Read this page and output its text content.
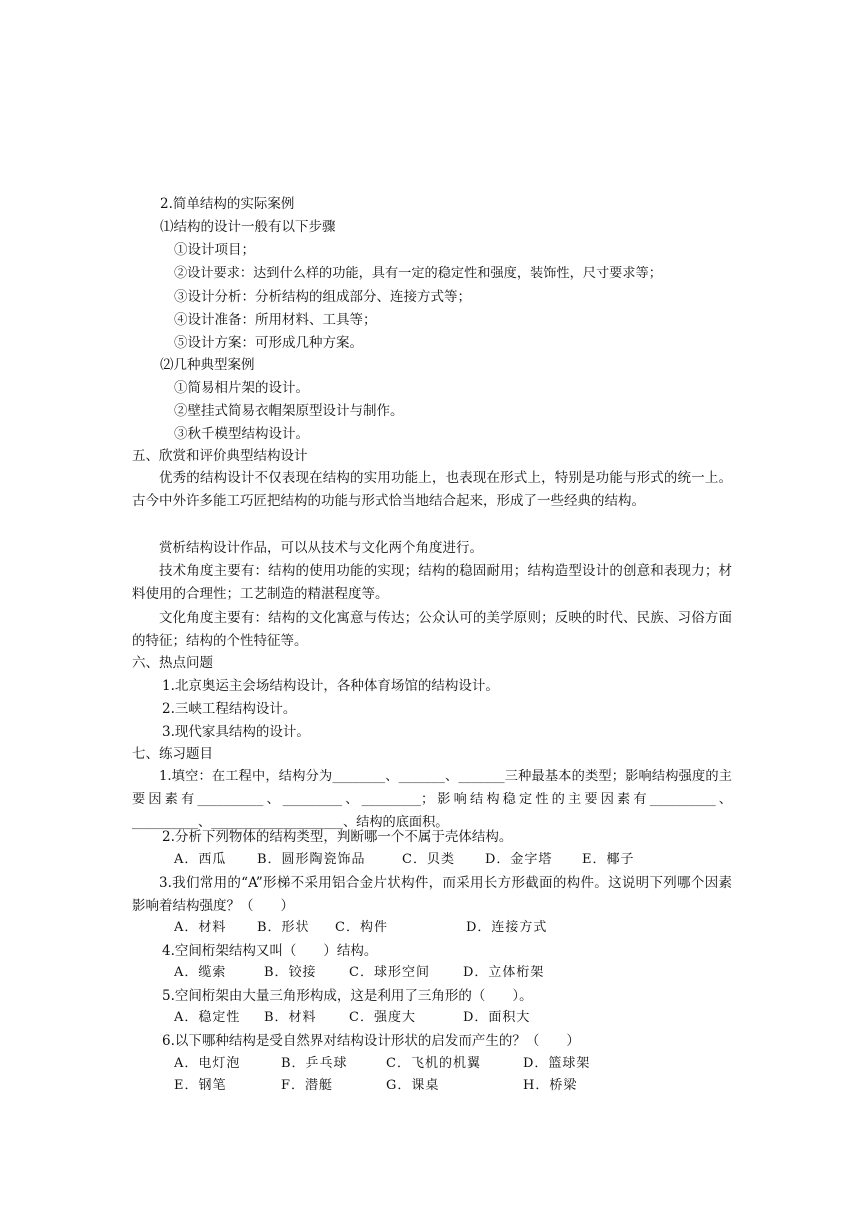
2.简单结构的实际案例
⑴结构的设计一般有以下步骤
①设计项目；
②设计要求：达到什么样的功能，具有一定的稳定性和强度，装饰性，尺寸要求等；
③设计分析：分析结构的组成部分、连接方式等；
④设计准备：所用材料、工具等；
⑤设计方案：可形成几种方案。
⑵几种典型案例
①简易相片架的设计。
②壁挂式简易衣帽架原型设计与制作。
③秋千模型结构设计。
五、欣赏和评价典型结构设计
优秀的结构设计不仅表现在结构的实用功能上，也表现在形式上，特别是功能与形式的统一上。古今中外许多能工巧匠把结构的功能与形式恰当地结合起来，形成了一些经典的结构。
赏析结构设计作品，可以从技术与文化两个角度进行。
技术角度主要有：结构的使用功能的实现；结构的稳固耐用；结构造型设计的创意和表现力；材料使用的合理性；工艺制造的精湛程度等。
文化角度主要有：结构的文化寓意与传达；公众认可的美学原则；反映的时代、民族、习俗方面的特征；结构的个性特征等。
六、热点问题
1.北京奥运主会场结构设计，各种体育场馆的结构设计。
2.三峡工程结构设计。
3.现代家具结构的设计。
七、练习题目
1.填空：在工程中，结构分为________、_______、_______三种最基本的类型；影响结构强度的主要因素有__________、_________、_________；影响结构稳定性的主要因素有__________、__________、____________________、结构的底面积。
2.分析下列物体的结构类型，判断哪一个不属于壳体结构。
A．西瓜 B．圆形陶瓷饰品	C．贝类 D．金字塔 E．椰子
3.我们常用的“A”形梯不采用铝合金片状构件，而采用长方形截面的构件。这说明下列哪个因素影响着结构强度？（　　）
A．材料 B．形状 C．构件	D．连接方式
4.空间桁架结构又叫（　　）结构。
A．缆索	B．铰接 C．球形空间	D．立体桁架
5.空间桁架由大量三角形构成，这是利用了三角形的（　　）。
A．稳定性 B．材料 C．强度大	D．面积大
6.以下哪种结构是受自然界对结构设计形状的启发而产生的？（　　）
A．电灯泡	B．乒乓球	C．飞机的机翼	D．篮球架
E．钢笔	F．潜艇	G．课桌	H．桥梁
